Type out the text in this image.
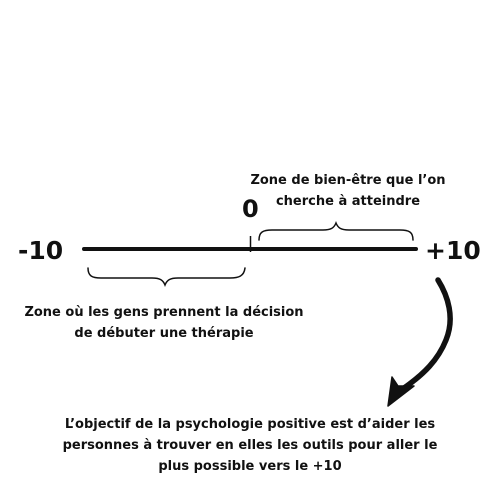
-10	+10
0
Zone de bien-être que l’on
cherche à atteindre
Zone où les gens prennent la décision
de débuter une thérapie
L’objectif de la psychologie positive est d’aider les
personnes à trouver en elles les outils pour aller le
plus possible vers le +10
